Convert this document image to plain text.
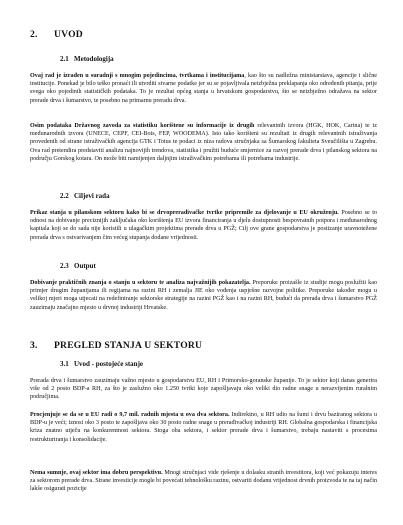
2. UVOD
2.1 Metodologija

Ovaj rad je izrađen u suradnji s mnogim pojedincima, tvrtkama i institucijama, kao što su nadležna ministarstava, agencije i slične institucije. Ponekad je bilo teško pronaći ili utvrditi stvarne podatke jer su se pojavljivala neizbježna preklapanja oko određenih pitanja, prije svega oko pojedinih statističkih podataka. To je rezultat općeg stanja u hrvatskom gospodarstvu, što se neizbježno odražava na sektor prerade drva i šumarstvo, te posebno na primarnu preradu drva.

Osim podataka Državnog zavoda za statistiku korištene su informacije iz drugih relevantnih izvora (HGK, HOK, Carina) te iz međunarodnih izvora (UNECE, CEPF, CEI-Bois, FEP, WOODEMA). Isto tako korišteni su rezultati iz drugih relevantnih istraživanja provedenih od strane istraživačkih agencija GTK i Totus te podaci iz niza radova stručnjaka sa Šumarskog fakulteta Sveučilišta u Zagrebu. Ova rad pretendira predstaviti analizu najnovijih trendova, statistika i pružiti buduće smjernice za razvoj prerade drva i pilanskog sektora na području Gorskog kotara. On može biti namijenjen daljnjim istraživačkim potrebama ili potrebama industrije.

2.2 Ciljevi rada

Prikaz stanja u pilanskom sektoru kako bi se drvopreradivačke tvrtke pripremile za djelovanje u EU okruženju. Posebno se to odnosi na dobivanje preciznijih zaključaka oko korištenja EU izvora financiranja u djelu dostupnosti bespovratnih potpora i međunarodnog kapitala koji se do sada nije koristili u ulagačkim projektima prerade drva u PGŽ; Cilj ove grane gospodarstva je postizanje uravnotežene prerada drva s ostvarivanjem čim većeg stupanja dodane vrijednosti.

2.3 Output

Dobivanje praktičnih znanja o stanju u sektoru te analiza najvažnijih pokazatelja. Preporuke proizašle iz studije mogu poslužiti kao primjer drugim županijama ili regijama na razini RH i zemalja JIE oko vođenja uspješne razvojne politike. Preporuke također mogu u velikoj mjeri moga utjecati na redefiniranje sektorske strategije na razini PGŽ kao i na razini RH, budući da prerada drva i šumarstvo PGŽ zauzimaju značajno mjesto u drvnoj industriji Hrvatske.

3. PREGLED STANJA U SEKTORU
3.1 Uvod - postojeće stanje

Prerada drva i šumarstvo zauzimaju važno mjesto u gospodarstvu EU, RH i Primorsko-goranske županije. To je sektor koji danas generira više od 2 posto BDP-a RH, za što je zaslužno oko 1.250 tvrtki koje zapošljavaju oko veliki dio radne snage u nerazvijenim ruralnim područjima.

Procjenjuje se da se u EU radi o 9,7 mil. radnih mjesta u ova dva sektora. Indirektno, u RH udio na šumi i drvu baziranog sektora u BDP-u je veći; iznosi oko 3 posto te zapošljava oko 30 posto radne snage u prerađivačkoj industriji RH. Globalna gospodarska i financijska kriza znatno utječu na konkurentnost sektora. Stoga oba sektora, i sektor prerade drva i šumarstvo, trebaju nastaviti s procesima restrukturiranja i konsolidacije.

Nema sumnje, ovaj sektor ima dobru perspektivu. Mnogi stručnjaci vide rješenje u dolasku stranih investitora, koji već pokazuju interes za sektorom prerade drva. Strane investicije mogle bi povećati tehnološku razinu, ostvariti dodanu vrijednost drvnih proizvoda te na taj način lakše osigurati pozicije
